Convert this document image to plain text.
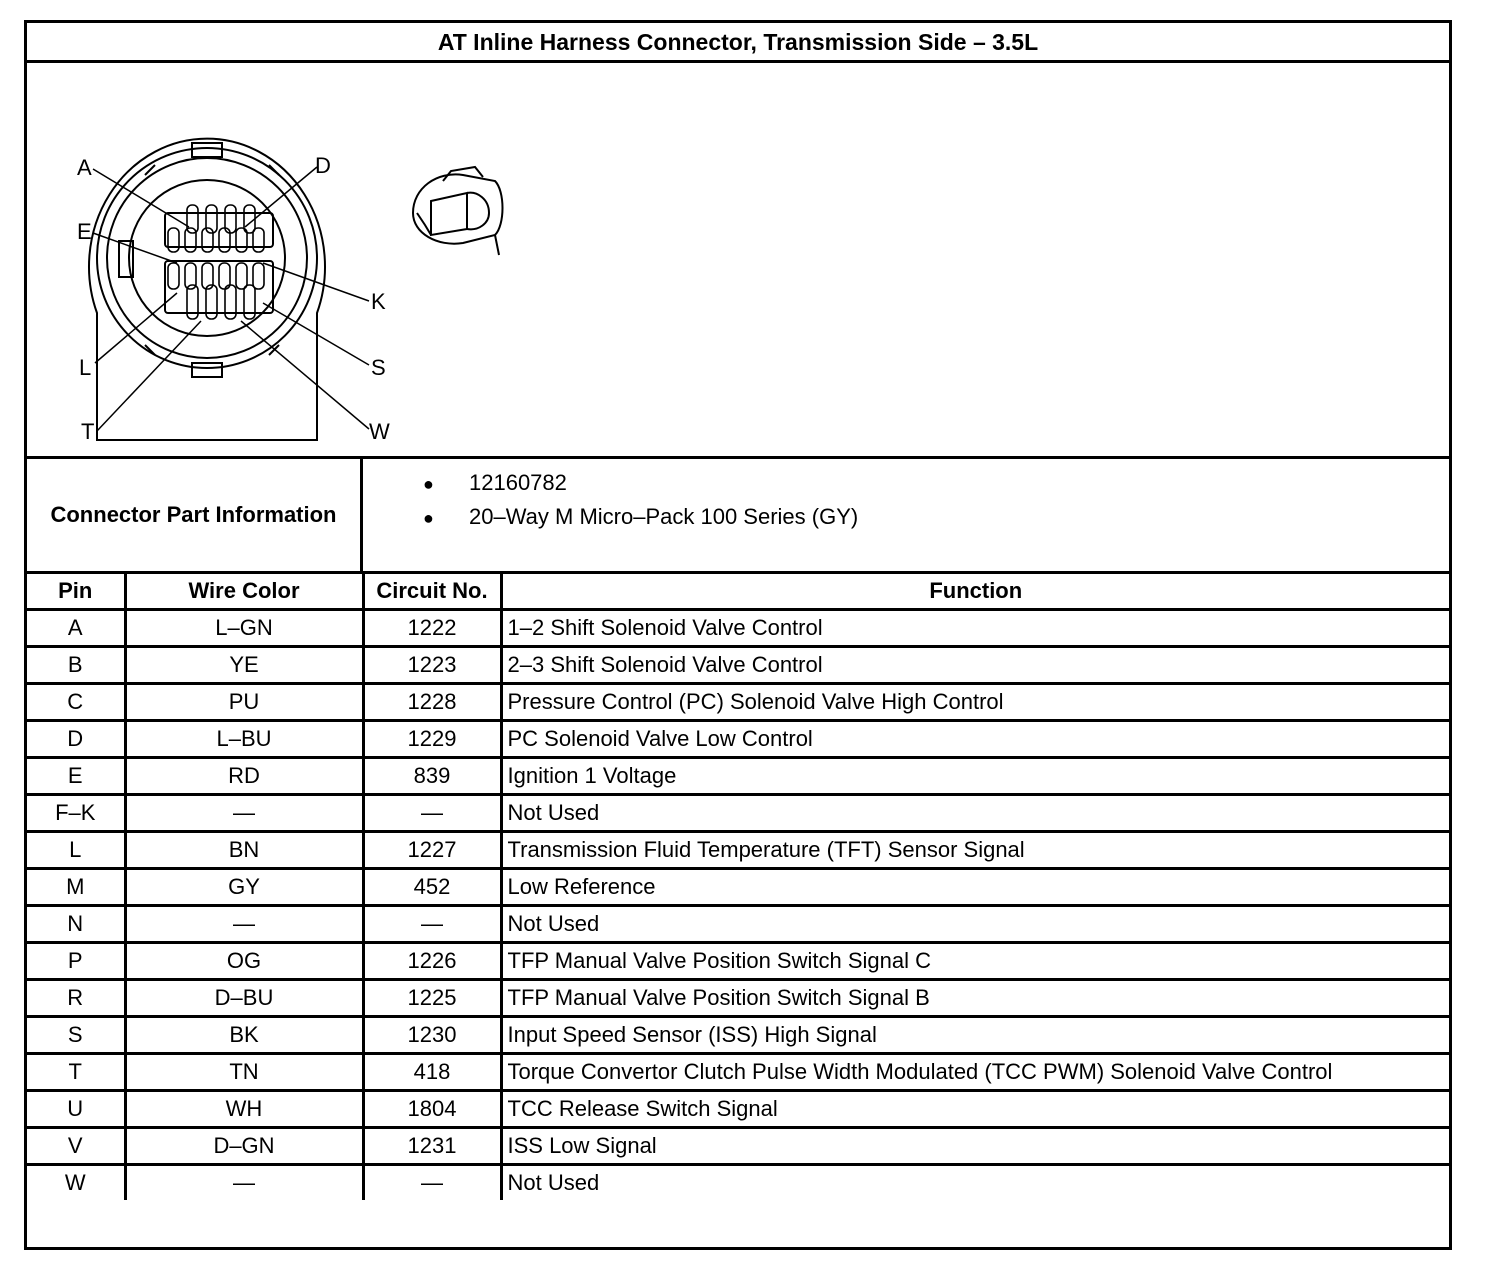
AT Inline Harness Connector, Transmission Side – 3.5L
A	D
E
K
L	S
T	W
Connector Part Information
● 12160782
● 20–Way M Micro–Pack 100 Series (GY)
Pin	Wire Color	Circuit No.	Function
A	L–GN	1222	1–2 Shift Solenoid Valve Control
B	YE	1223	2–3 Shift Solenoid Valve Control
C	PU	1228	Pressure Control (PC) Solenoid Valve High Control
D	L–BU	1229	PC Solenoid Valve Low Control
E	RD	839	Ignition 1 Voltage
F–K	—	—	Not Used
L	BN	1227	Transmission Fluid Temperature (TFT) Sensor Signal
M	GY	452	Low Reference
N	—	—	Not Used
P	OG	1226	TFP Manual Valve Position Switch Signal C
R	D–BU	1225	TFP Manual Valve Position Switch Signal B
S	BK	1230	Input Speed Sensor (ISS) High Signal
T	TN	418	Torque Convertor Clutch Pulse Width Modulated (TCC PWM) Solenoid Valve Control
U	WH	1804	TCC Release Switch Signal
V	D–GN	1231	ISS Low Signal
W	—	—	Not Used
